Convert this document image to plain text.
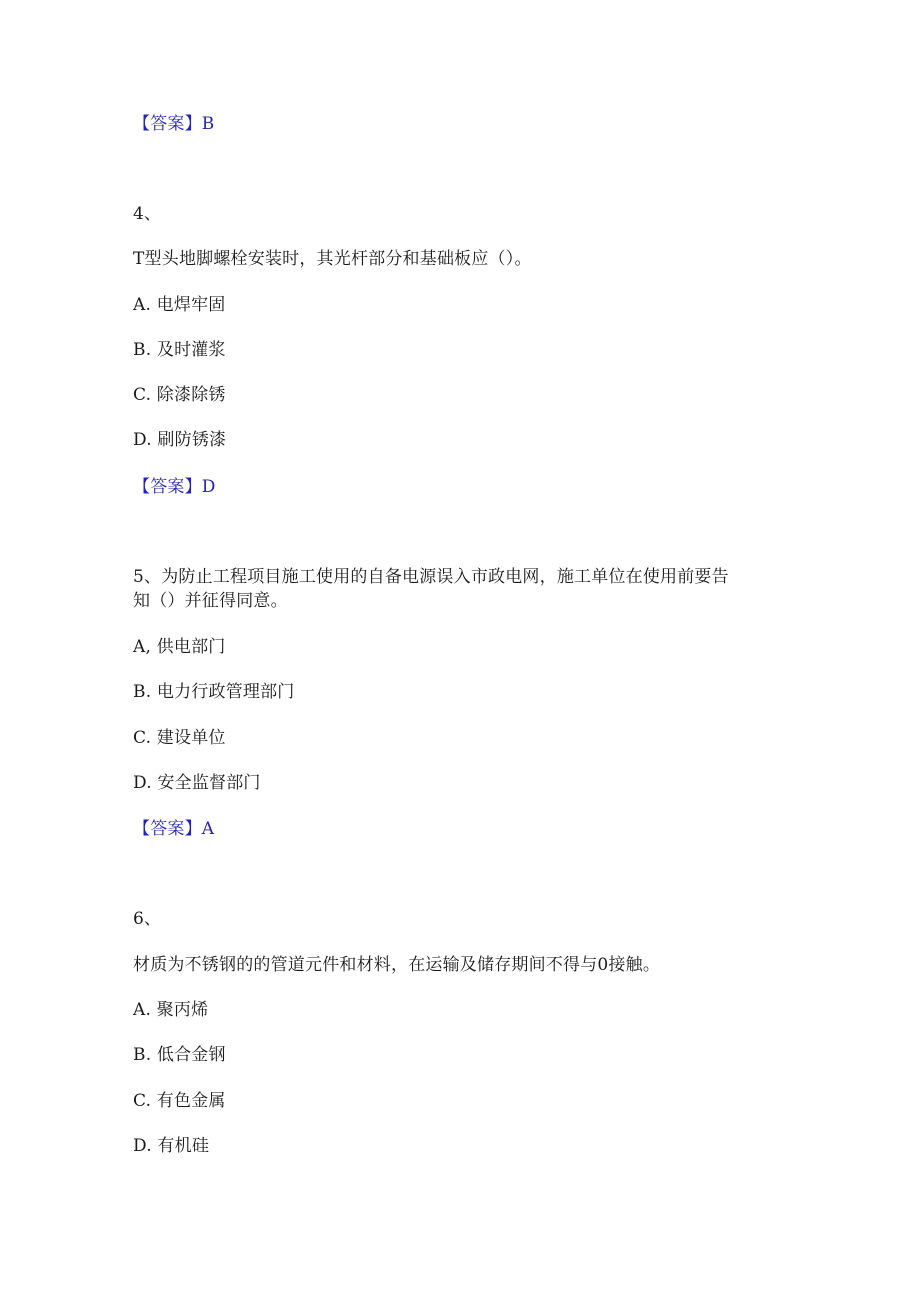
【答案】B
4、
T型头地脚螺栓安装时，其光杆部分和基础板应（）。
A. 电焊牢固
B. 及时灌浆
C. 除漆除锈
D. 刷防锈漆
【答案】D
5、为防止工程项目施工使用的自备电源误入市政电网，施工单位在使用前要告
知（）并征得同意。
A, 供电部门
B. 电力行政管理部门
C. 建设单位
D. 安全监督部门
【答案】A
6、
材质为不锈钢的的管道元件和材料，在运输及储存期间不得与0接触。
A. 聚丙烯
B. 低合金钢
C. 有色金属
D. 有机硅
